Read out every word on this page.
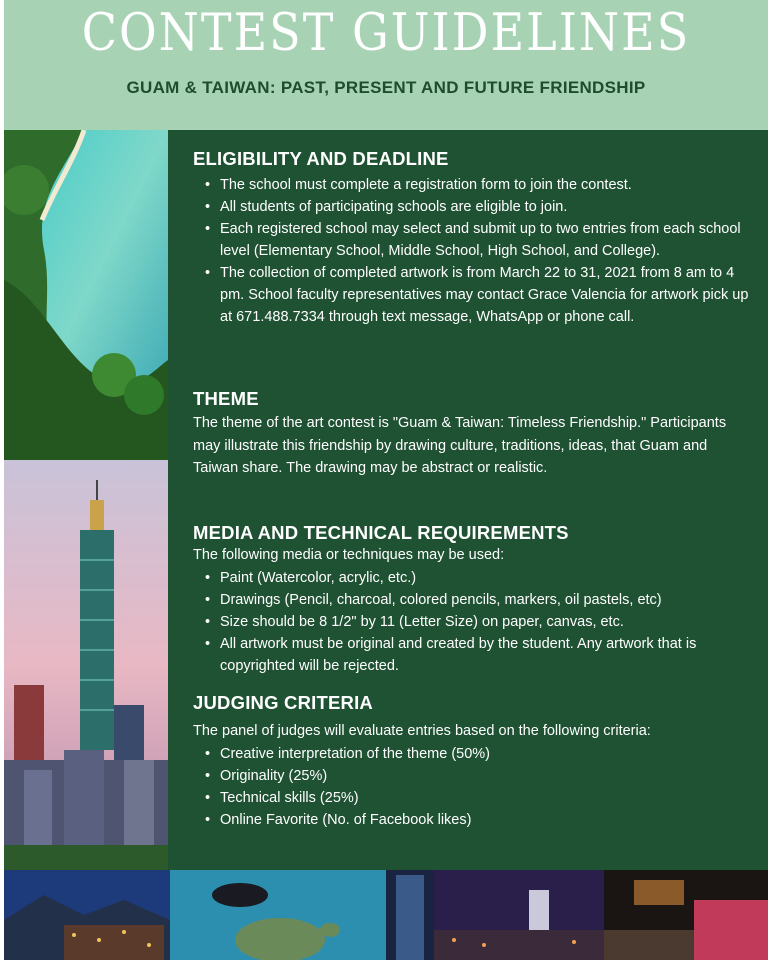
CONTEST GUIDELINES
GUAM & TAIWAN: PAST, PRESENT AND FUTURE FRIENDSHIP
ELIGIBILITY AND DEADLINE
• The school must complete a registration form to join the contest.
• All students of participating schools are eligible to join.
• Each registered school may select and submit up to two entries from each school level (Elementary School, Middle School, High School, and College).
• The collection of completed artwork is from March 22 to 31, 2021 from 8 am to 4 pm. School faculty representatives may contact Grace Valencia for artwork pick up at 671.488.7334 through text message, WhatsApp or phone call.
THEME

The theme of the art contest is "Guam & Taiwan: Timeless Friendship." Participants may illustrate this friendship by drawing culture, traditions, ideas, that Guam and Taiwan share. The drawing may be abstract or realistic.

MEDIA AND TECHNICAL REQUIREMENTS

The following media or techniques may be used:

• Paint (Watercolor, acrylic, etc.)
• Drawings (Pencil, charcoal, colored pencils, markers, oil pastels, etc)
• Size should be 8 1/2" by 11 (Letter Size) on paper, canvas, etc.
• All artwork must be original and created by the student. Any artwork that is copyrighted will be rejected.
JUDGING CRITERIA

The panel of judges will evaluate entries based on the following criteria:

• Creative interpretation of the theme (50%)
• Originality (25%)
• Technical skills (25%)
• Online Favorite (No. of Facebook likes)
